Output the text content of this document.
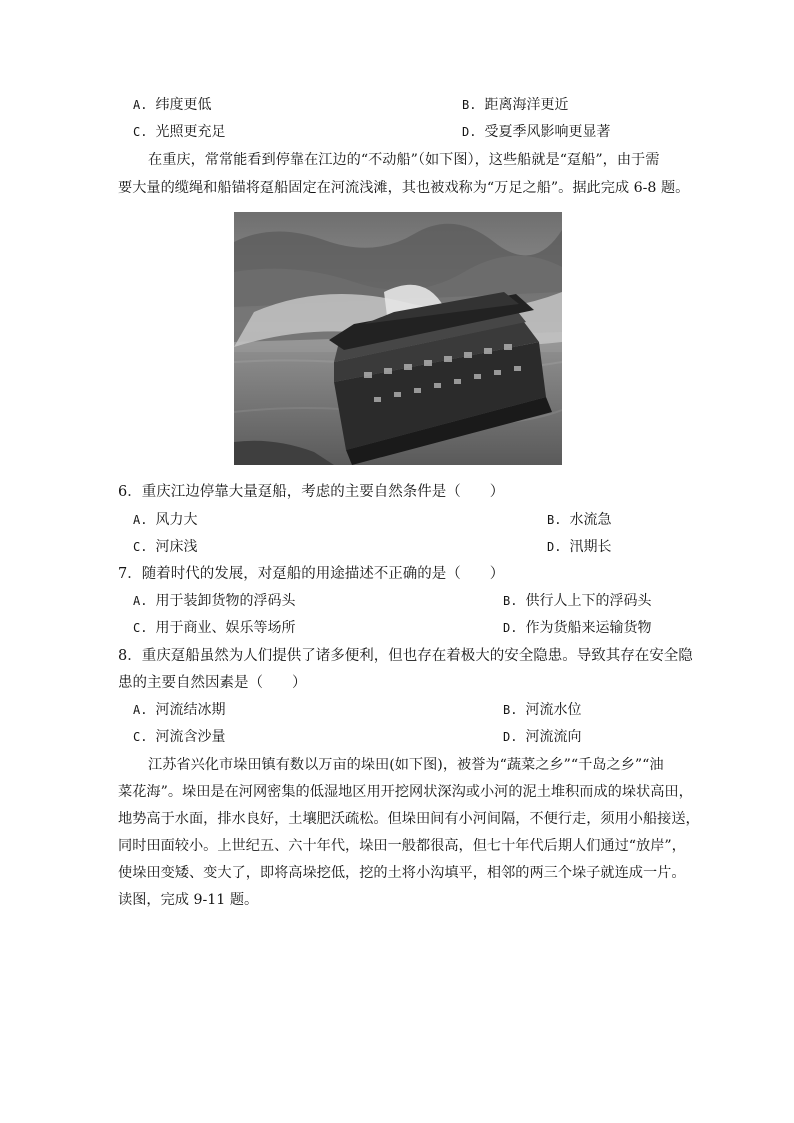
A. 纬度更低	B. 距离海洋更近
C. 光照更充足	D. 受夏季风影响更显著
在重庆，常常能看到停靠在江边的“不动船”（如下图），这些船就是“趸船”，由于需
要大量的缆绳和船锚将趸船固定在河流浅滩，其也被戏称为“万足之船”。据此完成 6-8 题。
6．重庆江边停靠大量趸船，考虑的主要自然条件是（　　）
A. 风力大	B. 水流急
C. 河床浅	D. 汛期长
7．随着时代的发展，对趸船的用途描述不正确的是（　　）
A. 用于装卸货物的浮码头	B. 供行人上下的浮码头
C. 用于商业、娱乐等场所	D. 作为货船来运输货物
8．重庆趸船虽然为人们提供了诸多便利，但也存在着极大的安全隐患。导致其存在安全隐
患的主要自然因素是（　　）
A. 河流结冰期	B. 河流水位
C. 河流含沙量	D. 河流流向
江苏省兴化市垛田镇有数以万亩的垛田(如下图)，被誉为“蔬菜之乡”“千岛之乡”“油
菜花海”。垛田是在河网密集的低湿地区用开挖网状深沟或小河的泥土堆积而成的垛状高田，
地势高于水面，排水良好，土壤肥沃疏松。但垛田间有小河间隔，不便行走，须用小船接送，
同时田面较小。上世纪五、六十年代，垛田一般都很高，但七十年代后期人们通过“放岸”，
使垛田变矮、变大了，即将高垛挖低，挖的土将小沟填平，相邻的两三个垛子就连成一片。
读图，完成 9-11 题。
